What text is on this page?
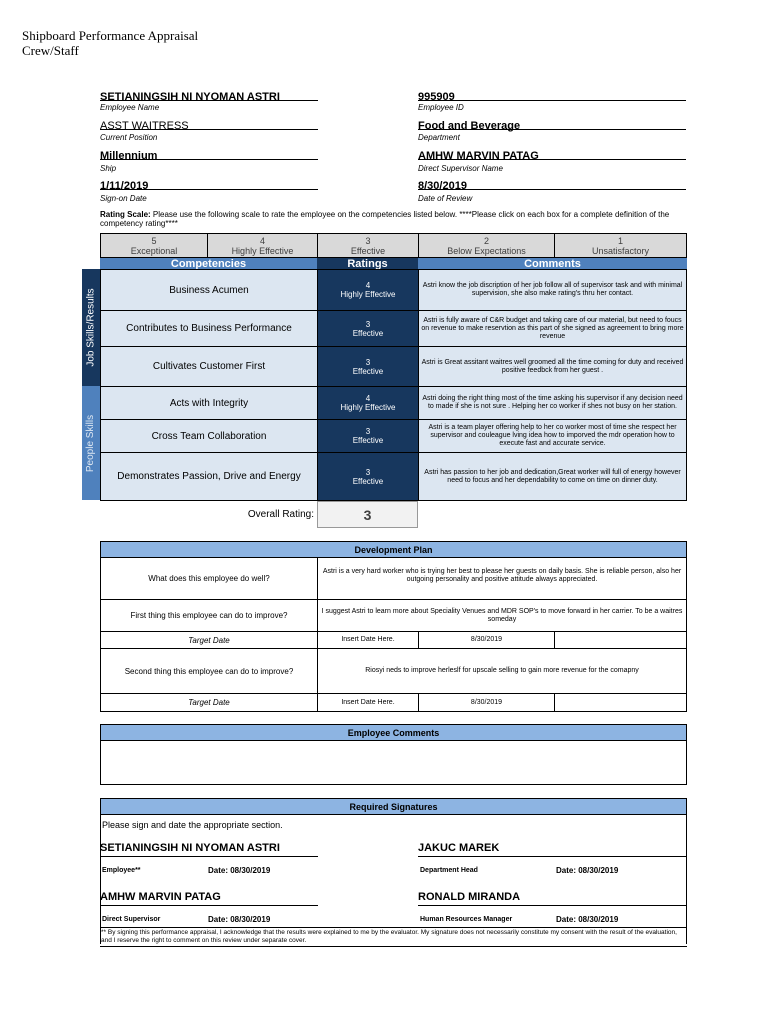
Shipboard Performance Appraisal
Crew/Staff
SETIANINGSIH NI NYOMAN ASTRI
Employee Name
ASST WAITRESS
Current Position
Millennium
Ship
1/11/2019
Sign-on Date
995909
Employee ID
Food and Beverage
Department
AMHW MARVIN PATAG
Direct Supervisor Name
8/30/2019
Date of Review
Rating Scale: Please use the following scale to rate the employee on the competencies listed below. ****Please click on each box for a complete definition of the competency rating****
5
Exceptional
4
Highly Effective
3
Effective
2
Below Expectations
1
Unsatisfactory
Competencies	Ratings	Comments
Job Skills/Results
People Skills
Business Acumen	4
Highly Effective
Astri know the job discription of her job follow all of supervisor task and with minimal supervision, she also make rating's thru her contact.
Contributes to Business Performance	3
Effective
Astri is fully aware of C&R budget and taking care of our material, but need to foucs on revenue to make reservtion as this part of she signed as agreement to bring more revenue
Cultivates Customer First	3
Effective
Astri is Great assitant waitres well groomed all the time coming for duty and received positive feedbck from her guest .
Acts with Integrity	4
Highly Effective
Astri doing the right thing most of the time asking his supervisor if any decision need to made if she is not sure . Helping her co worker if shes not busy on her station.
Cross Team Collaboration	3
Effective
Astri is a team player offering help to her co worker most of time she respect her supervisor and couleague lving idea how to imporved the mdr operation how to execute fast and accurate service.
Demonstrates Passion, Drive and Energy	3
Effective
Astri has passion to her job and dedication,Great worker will full of energy however need to focus and her dependability to come on time on dinner duty.
Overall Rating:	3
Development Plan
What does this employee do well?
Astri is a very hard worker who is trying her best to please her guests on daily basis. She is reliable person, also her outgoing personality and positive attitude always appreciated.
First thing this employee can do to improve?	I suggest Astri to learn more about Speciality Venues and MDR SOP's to move forward in her carrier. To be a waitres someday
Target Date	Insert Date Here.	8/30/2019
Second thing this employee can do to improve?	Riosyi neds to improve herleslf for upscale selling to gain more revenue for the comapny
Target Date	Insert Date Here.	8/30/2019
Employee Comments
Required Signatures
Please sign and date the appropriate section.
SETIANINGSIH NI NYOMAN ASTRI
Employee**	Date: 08/30/2019
JAKUC MAREK
Department Head	Date: 08/30/2019
AMHW MARVIN PATAG
Direct Supervisor	Date: 08/30/2019
RONALD MIRANDA
Human Resources Manager	Date: 08/30/2019
** By signing this performance appraisal, I acknowledge that the results were explained to me by the evaluator. My signature does not necessarily constitute my consent with the result of the evaluation, and I reserve the right to comment on this review under separate cover.
